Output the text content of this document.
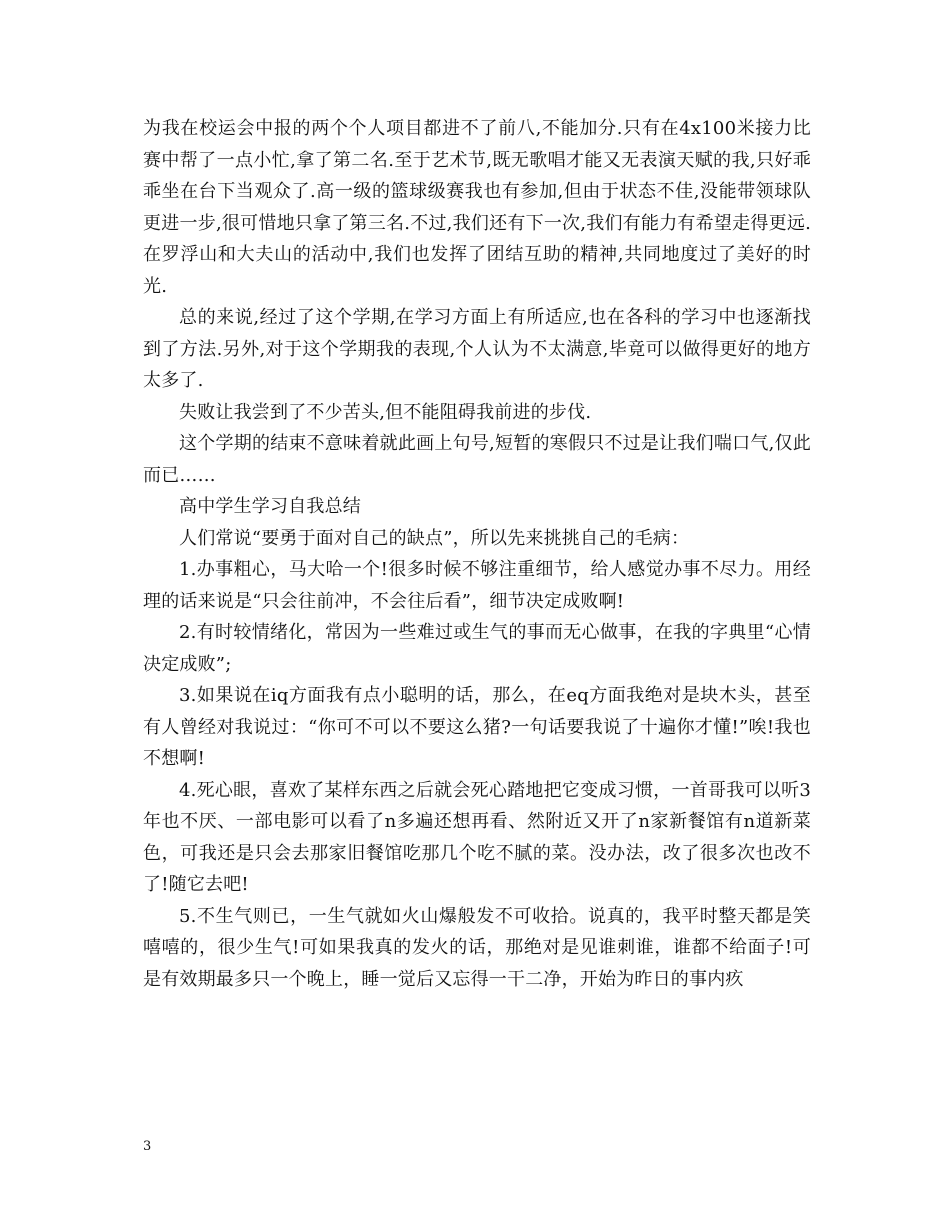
为我在校运会中报的两个个人项目都进不了前八,不能加分.只有在4x100米接力比赛中帮了一点小忙,拿了第二名.至于艺术节,既无歌唱才能又无表演天赋的我,只好乖乖坐在台下当观众了.高一级的篮球级赛我也有参加,但由于状态不佳,没能带领球队更进一步,很可惜地只拿了第三名.不过,我们还有下一次,我们有能力有希望走得更远.在罗浮山和大夫山的活动中,我们也发挥了团结互助的精神,共同地度过了美好的时光.

总的来说,经过了这个学期,在学习方面上有所适应,也在各科的学习中也逐渐找到了方法.另外,对于这个学期我的表现,个人认为不太满意,毕竟可以做得更好的地方太多了.

失败让我尝到了不少苦头,但不能阻碍我前进的步伐.

这个学期的结束不意味着就此画上句号,短暂的寒假只不过是让我们喘口气,仅此而已……

高中学生学习自我总结

人们常说“要勇于面对自己的缺点”，所以先来挑挑自己的毛病：

1.办事粗心，马大哈一个!很多时候不够注重细节，给人感觉办事不尽力。用经理的话来说是“只会往前冲，不会往后看”，细节决定成败啊!

2.有时较情绪化，常因为一些难过或生气的事而无心做事，在我的字典里“心情决定成败”;

3.如果说在iq方面我有点小聪明的话，那么，在eq方面我绝对是块木头，甚至有人曾经对我说过：“你可不可以不要这么猪?一句话要我说了十遍你才懂!”唉!我也不想啊!

4.死心眼，喜欢了某样东西之后就会死心踏地把它变成习惯，一首哥我可以听3年也不厌、一部电影可以看了n多遍还想再看、然附近又开了n家新餐馆有n道新菜色，可我还是只会去那家旧餐馆吃那几个吃不腻的菜。没办法，改了很多次也改不了!随它去吧!

5.不生气则已，一生气就如火山爆般发不可收拾。说真的，我平时整天都是笑嘻嘻的，很少生气!可如果我真的发火的话，那绝对是见谁刺谁，谁都不给面子!可是有效期最多只一个晚上，睡一觉后又忘得一干二净，开始为昨日的事内疚

3
